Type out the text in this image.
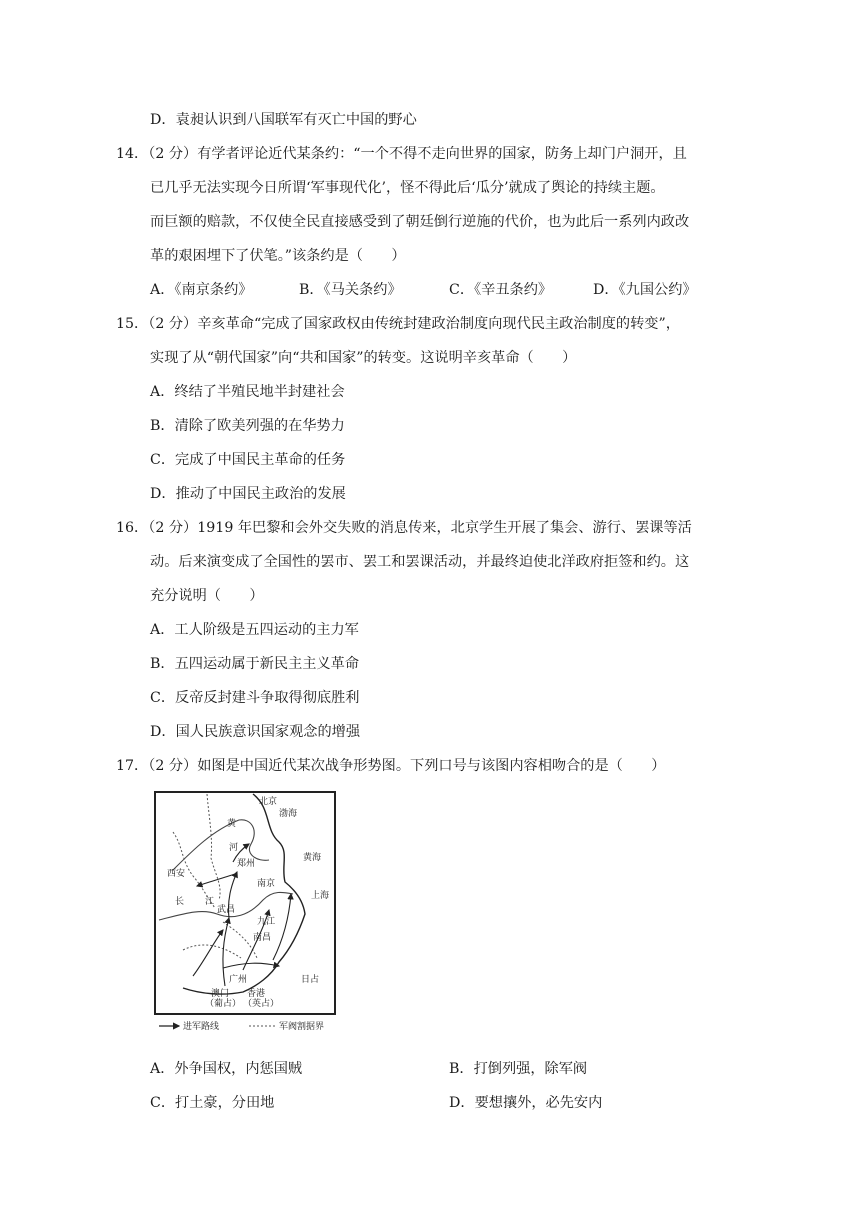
D．袁昶认识到八国联军有灭亡中国的野心
14．（2 分）有学者评论近代某条约：“一个不得不走向世界的国家，防务上却门户洞开，且
已几乎无法实现今日所谓‘军事现代化’，怪不得此后‘瓜分’就成了舆论的持续主题。
而巨额的赔款，不仅使全民直接感受到了朝廷倒行逆施的代价，也为此后一系列内政改
革的艰困埋下了伏笔。”该条约是（　　）
A．《南京条约》	B．《马关条约》	C．《辛丑条约》	D．《九国公约》
15．（2 分）辛亥革命“完成了国家政权由传统封建政治制度向现代民主政治制度的转变”，
实现了从“朝代国家”向“共和国家”的转变。这说明辛亥革命（　　）
A．终结了半殖民地半封建社会
B．清除了欧美列强的在华势力
C．完成了中国民主革命的任务
D．推动了中国民主政治的发展
16．（2 分）1919 年巴黎和会外交失败的消息传来，北京学生开展了集会、游行、罢课等活
动。后来演变成了全国性的罢市、罢工和罢课活动，并最终迫使北洋政府拒签和约。这
充分说明（　　）
A．工人阶级是五四运动的主力军
B．五四运动属于新民主主义革命
C．反帝反封建斗争取得彻底胜利
D．国人民族意识国家观念的增强
17．（2 分）如图是中国近代某次战争形势图。下列口号与该图内容相吻合的是（　　）
北京
渤海
黄
河
黄海
郑州
西安
南京
上海
长 江
武昌
九江
南昌
广州	日占
澳门
（葡占）
香港
（英占）
进军路线	军阀割据界
A．外争国权，内惩国贼	B．打倒列强，除军阀
C．打土豪，分田地	D．要想攘外，必先安内
